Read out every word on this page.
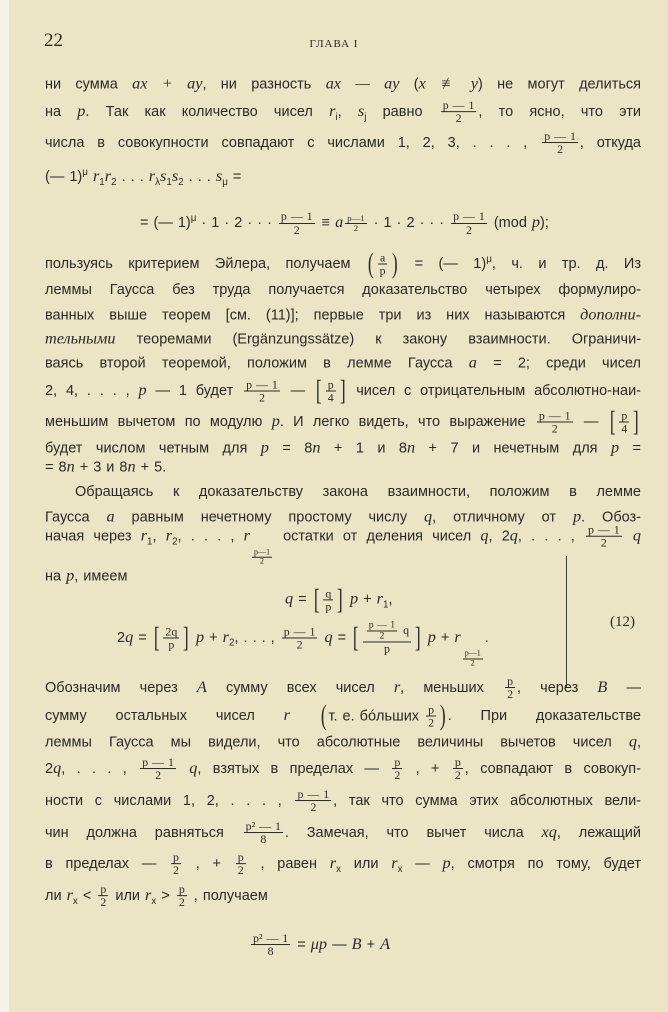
22	ГЛАВА I
ни сумма ax + ay, ни разность ax — ay (x ≢ y) не могут делиться
на p. Так как количество чисел $r_i$, $s_j$ равно $\frac{p — 1}{2}$ , то ясно, что эти
числа в совокупности совпадают с числами 1, 2, 3, . . . , $\frac{p — 1}{2}$ , откуда
(— 1)$^\mu$ $r_1r_2$ . . . $r_\lambda s_1s_2$ . . . $s_\mu$ =
= (— 1)$^\mu$ · 1 · 2 · · · $\frac{p — 1}{2} \equiv a \frac{p—1}{2} \cdot 1 \cdot 2$ · · · $\frac{p — 1}{2} (mod$ p);
пользуясь критерием Эйлера, получаем ( $\frac{a}{p}$ ) = (— 1)$^\mu$, ч. и тр. д. Из
леммы Гаусса без труда получается доказательство четырех формулиро-
ванных выше теорем [см. (11)]; первые три из них называются дополни-
тельными теоремами (Ergänzungssätze) к закону взаимности. Ограничи-
ваясь второй теоремой, положим в лемме Гаусса a = 2; среди чисел
2, 4, . . . , p — 1 будет $\frac{p — 1}{2}$ — [ $\frac{p}{4}$ ] чисел с отрицательным абсолютно-наи-
меньшим вычетом по модулю p. И легко видеть, что выражение $\frac{p — 1}{2}$ — [ $\frac{p}{4}$ ]
будет числом четным для p = 8n + 1 и 8n + 7 и нечетным для p =
= 8n + 3 и 8n + 5.
Обращаясь к доказательству закона взаимности, положим в лемме
Гаусса a равным нечетному простому числу q, отличному от p. Обоз-
начая через $r_1$, $r_2$, . . . , r
$\frac{p—1}{2}$
остатки от деления чисел q, 2q, . . . , $\frac{p — 1}{2}$ q
на p, имеем
q = [ $\frac{q}{p}$ ] $p + r_1$,
2q = [ $\frac{2q}{p}$ ] $p + r_2$, . . . , $\frac{p — 1}{2}$ q = [ $\frac{\frac{p — 1}{2} q}{p}$ ] p + r
$\frac{p—1}{2}$
.
(12)
Обозначим через A сумму всех чисел r, меньших $\frac{p}{2}$ , через B —
сумму остальных чисел r ( т. е. бóльших $\frac{p}{2}$ ) . При доказательстве
леммы Гаусса мы видели, что абсолютные величины вычетов чисел q,
2q, . . . , $\frac{p — 1}{2} q$, взятых в пределах — $\frac{p}{2}$ , + $\frac{p}{2}$ , совпадают в совокуп-
ности с числами 1, 2, . . . , $\frac{p — 1}{2}$ , так что сумма этих абсолютных вели-
чин должна равняться $\frac{\text{p² — 1}}{8}$ . Замечая, что вычет числа xq, лежащий
в пределах — $\frac{p}{2}$ , + $\frac{p}{2}$ , равен $r_x$ или $r_x$ — p, смотря по тому, будет
ли $r_x < \frac{p}{2}$ или $r_x > \frac{p}{2}$ , получаем
$\frac{\text{p² — 1}}{8} = \mu p$ — B + A
